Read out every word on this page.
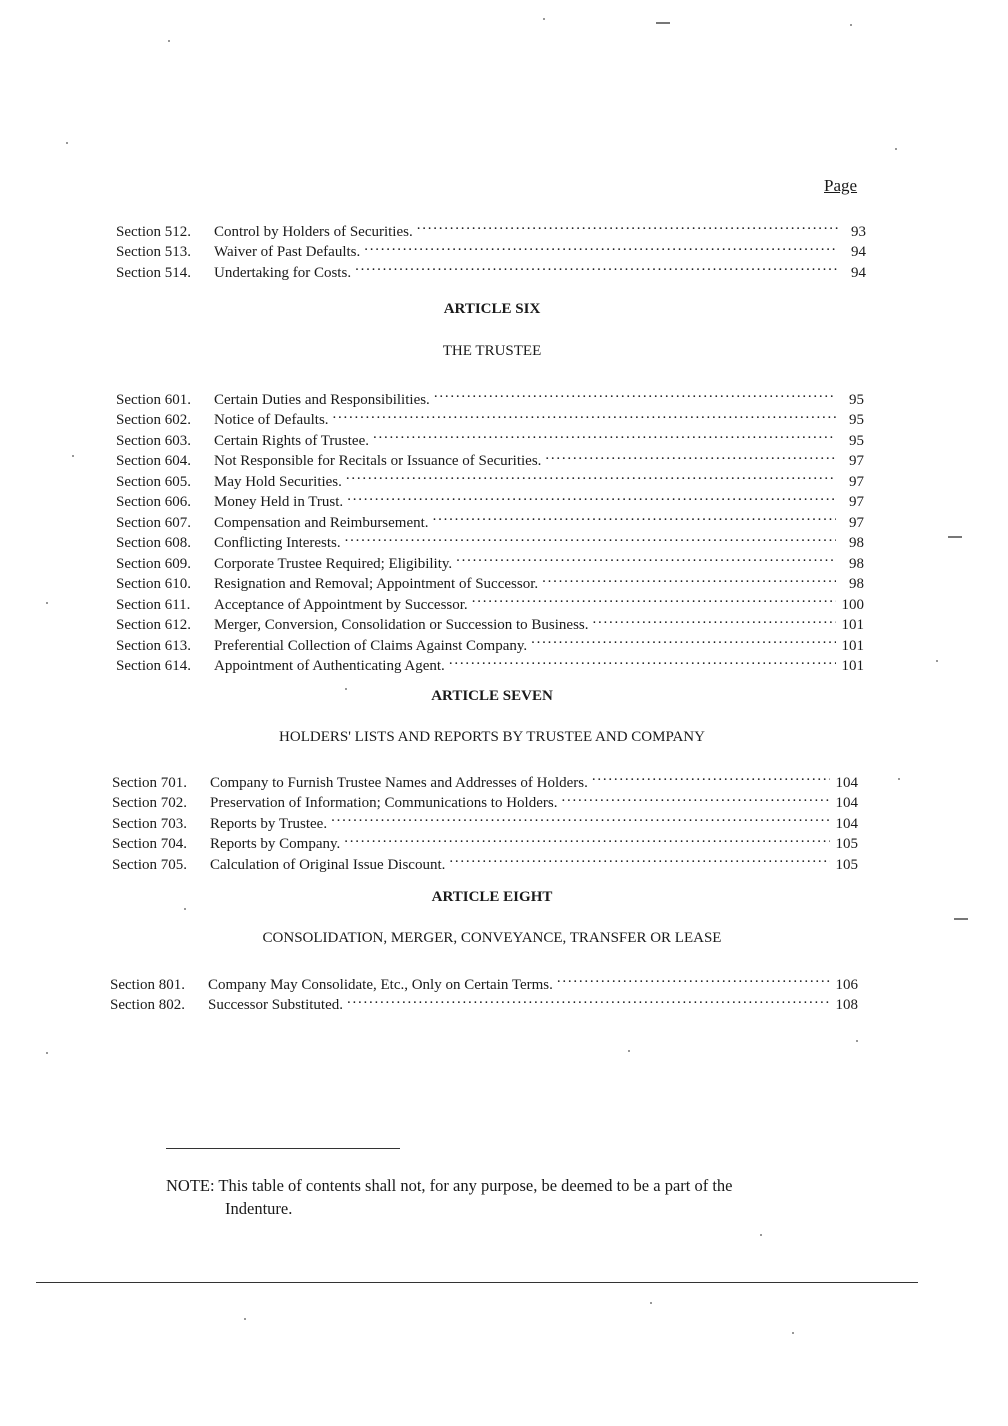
Page
Section 512.	Control by Holders of Securities. . . .	93
Section 513.	Waiver of Past Defaults. . . .	94
Section 514.	Undertaking for Costs. . . .	94
ARTICLE SIX
THE TRUSTEE
Section 601.	Certain Duties and Responsibilities. . . .	95
Section 602.	Notice of Defaults. . . .	95
Section 603.	Certain Rights of Trustee. . . .	95
Section 604.	Not Responsible for Recitals or Issuance of Securities. . . .	97
Section 605.	May Hold Securities. . . .	97
Section 606.	Money Held in Trust. . . .	97
Section 607.	Compensation and Reimbursement. . . .	97
Section 608.	Conflicting Interests. . . .	98
Section 609.	Corporate Trustee Required; Eligibility. . . .	98
Section 610.	Resignation and Removal; Appointment of Successor. . . .	98
Section 611.	Acceptance of Appointment by Successor. . . .	100
Section 612.	Merger, Conversion, Consolidation or Succession to Business. . . .	101
Section 613.	Preferential Collection of Claims Against Company. . . .	101
Section 614.	Appointment of Authenticating Agent. . . .	101
ARTICLE SEVEN
HOLDERS' LISTS AND REPORTS BY TRUSTEE AND COMPANY
Section 701.	Company to Furnish Trustee Names and Addresses of Holders. . . .	104
Section 702.	Preservation of Information; Communications to Holders. . . .	104
Section 703.	Reports by Trustee. . . .	104
Section 704.	Reports by Company. . . .	105
Section 705.	Calculation of Original Issue Discount. . . .	105
ARTICLE EIGHT
CONSOLIDATION, MERGER, CONVEYANCE, TRANSFER OR LEASE
Section 801.	Company May Consolidate, Etc., Only on Certain Terms. . . .	106
Section 802.	Successor Substituted. . . .	108
NOTE: This table of contents shall not, for any purpose, be deemed to be a part of the
Indenture.
